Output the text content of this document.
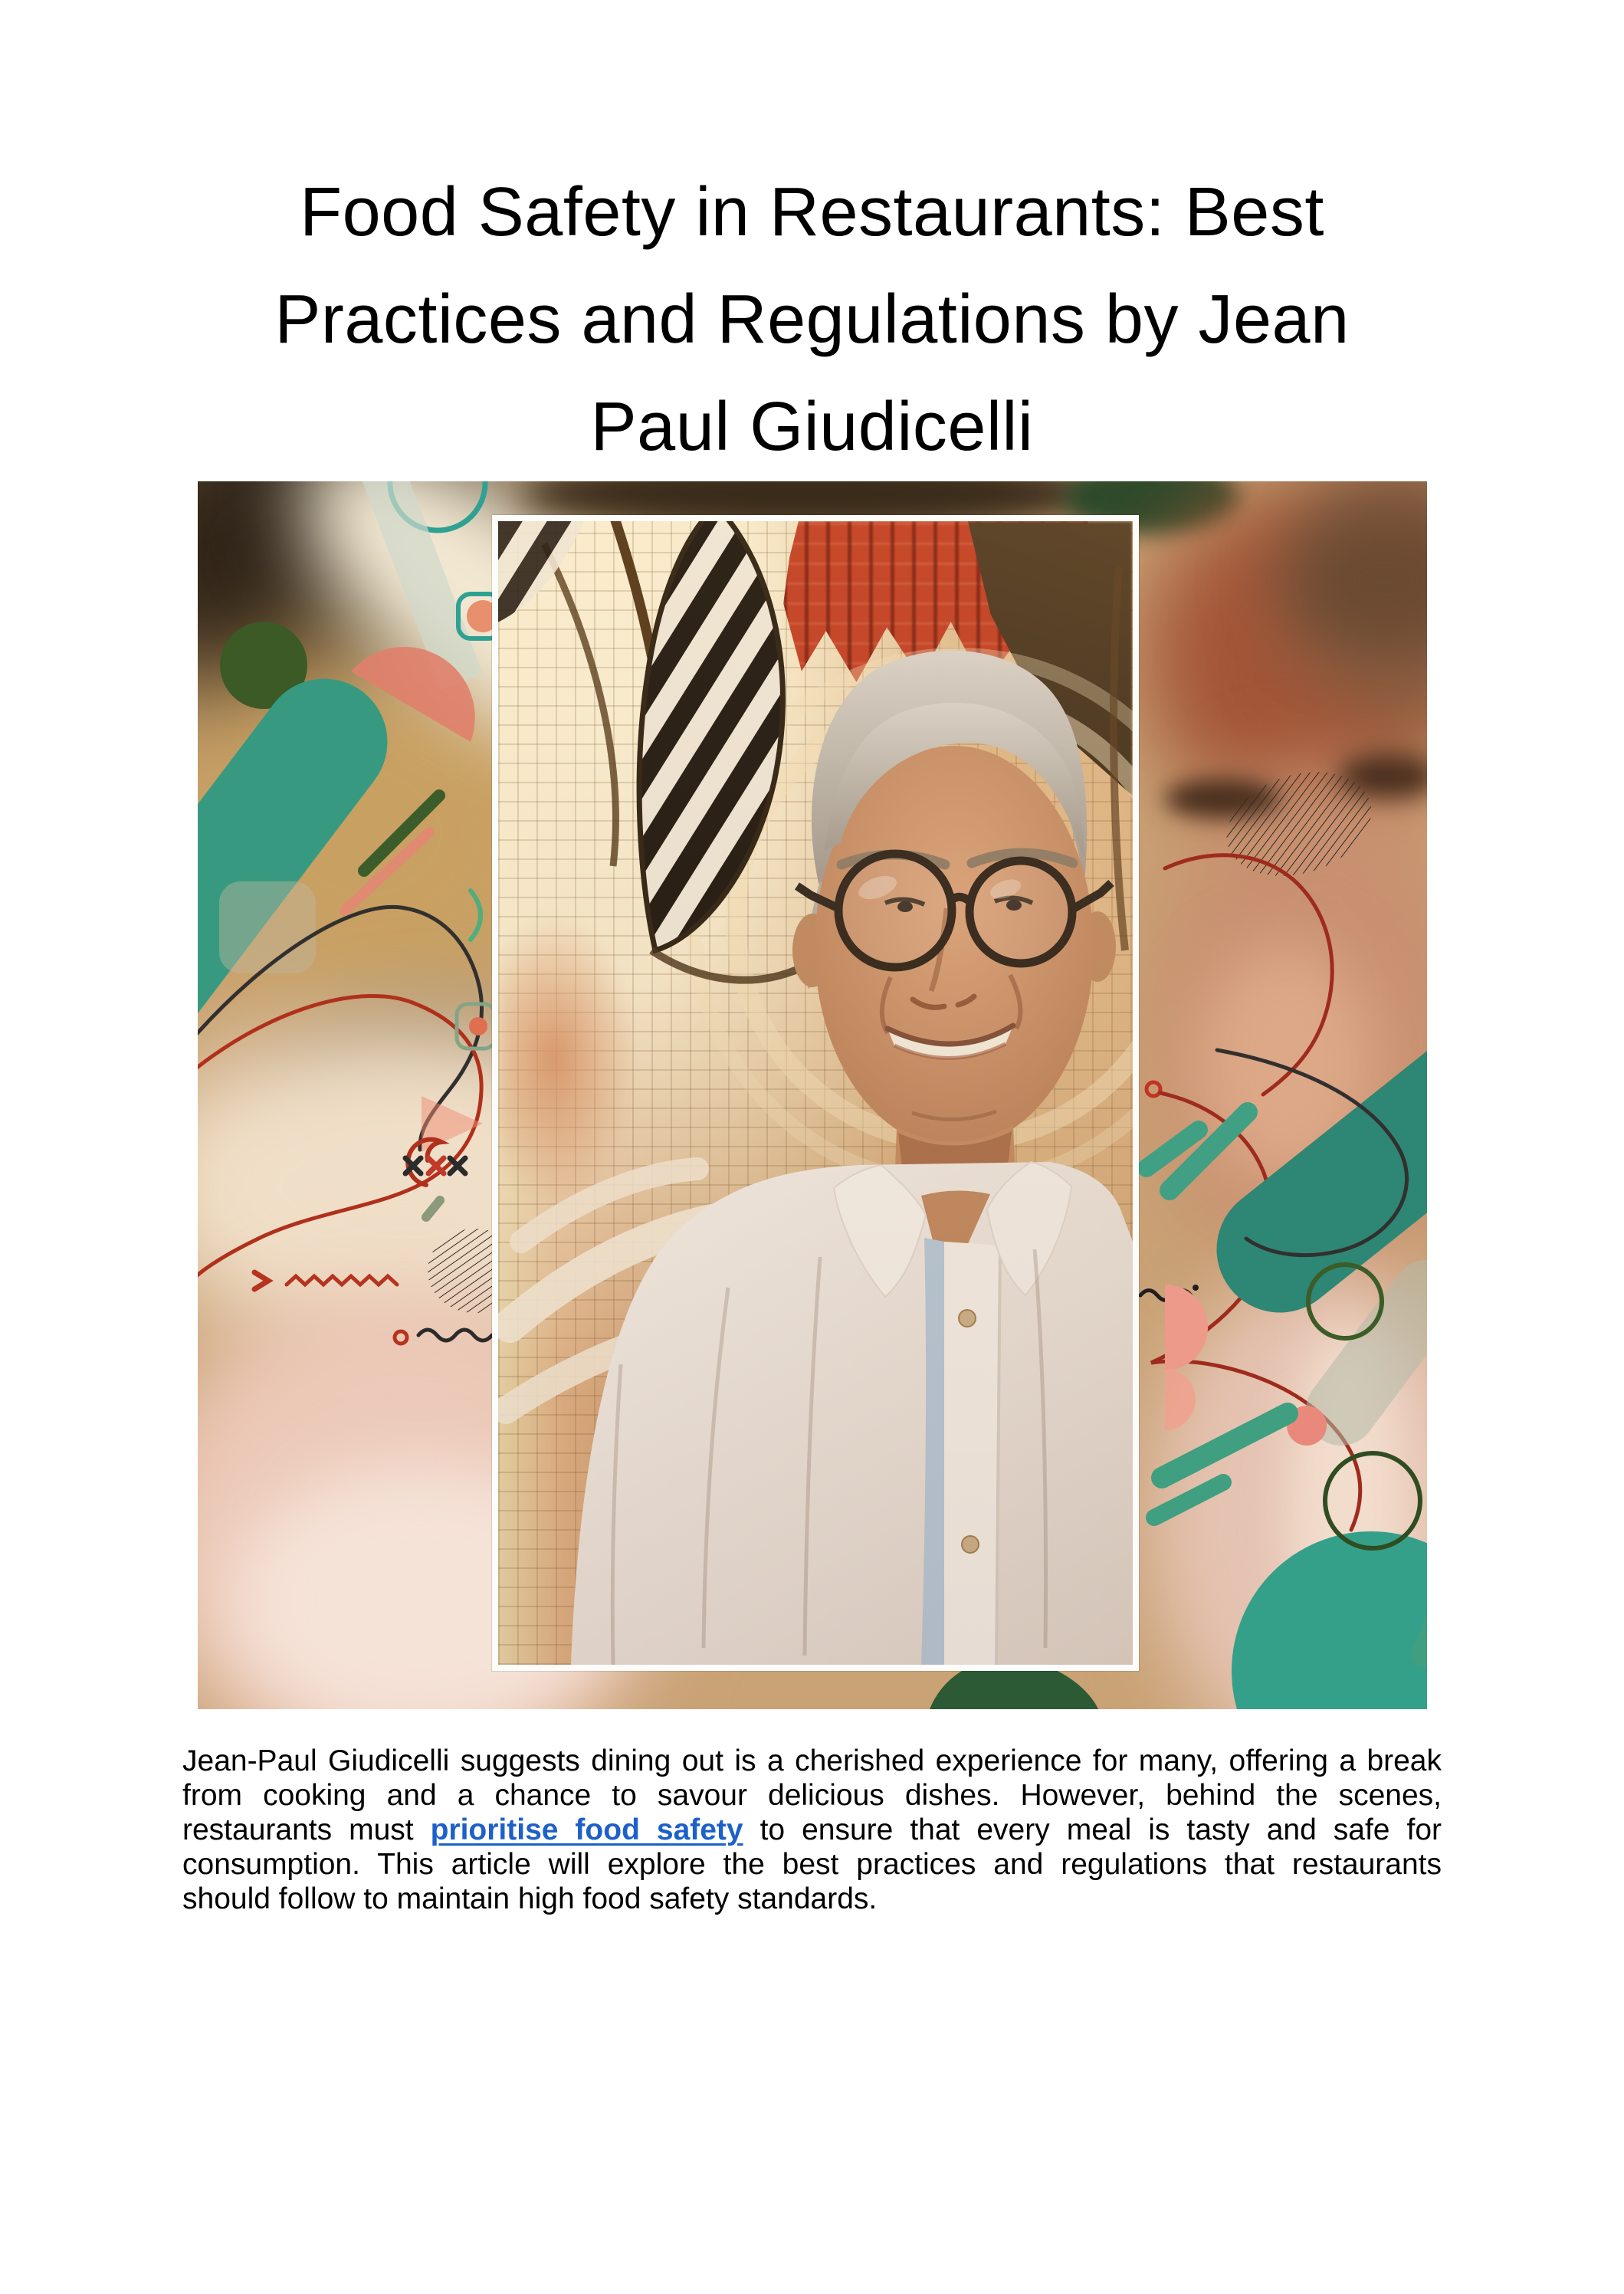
Food Safety in Restaurants: Best
Practices and Regulations by Jean
Paul Giudicelli
Jean-Paul Giudicelli suggests dining out is a cherished experience for many, offering a break
from cooking and a chance to savour delicious dishes. However, behind the scenes,
restaurants must prioritise food safety to ensure that every meal is tasty and safe for
consumption. This article will explore the best practices and regulations that restaurants
should follow to maintain high food safety standards.
